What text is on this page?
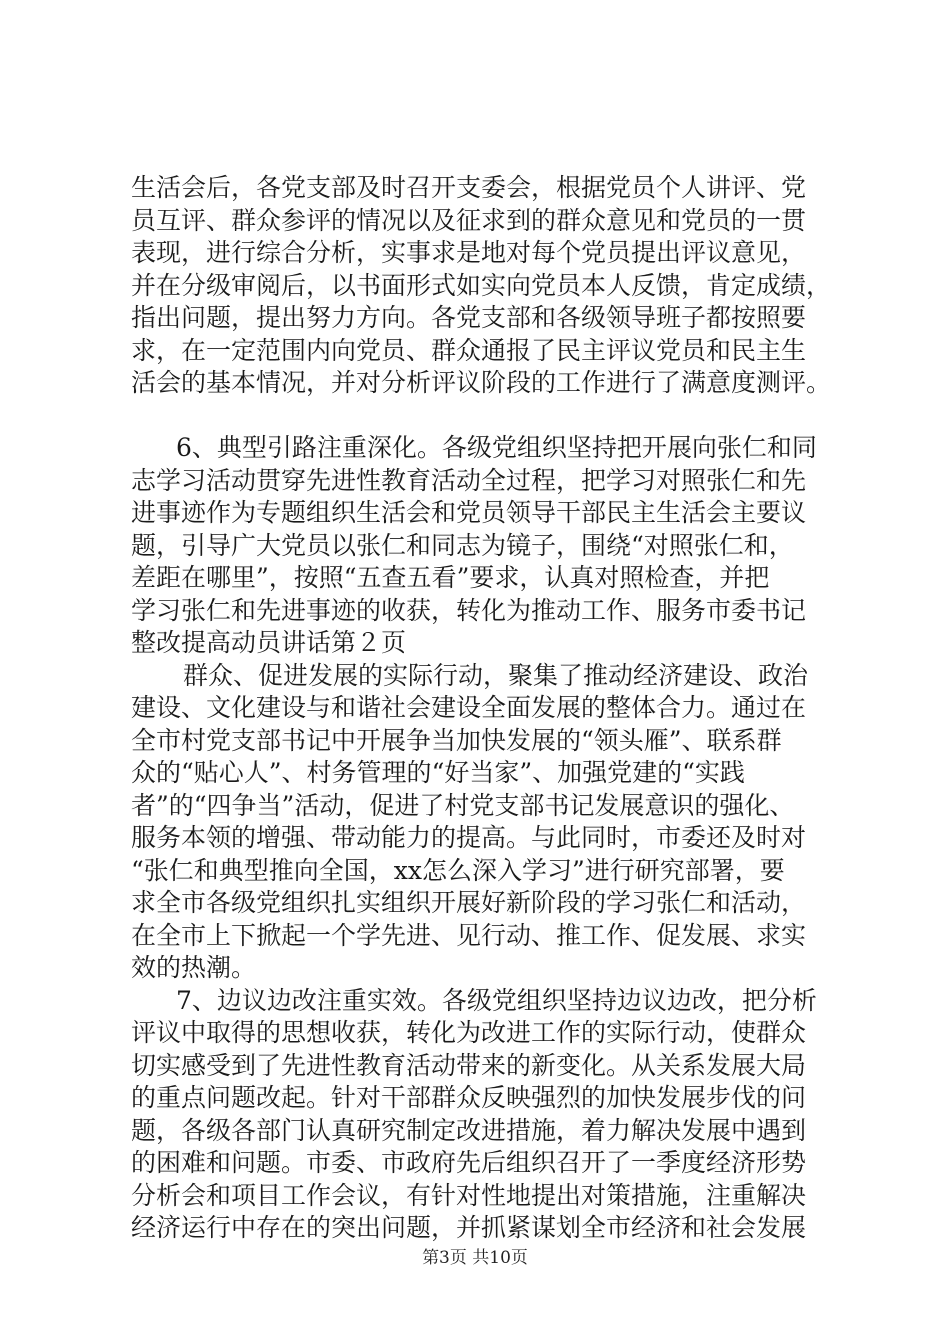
生活会后，各党支部及时召开支委会，根据党员个人讲评、党
员互评、群众参评的情况以及征求到的群众意见和党员的一贯
表现，进行综合分析，实事求是地对每个党员提出评议意见，
并在分级审阅后，以书面形式如实向党员本人反馈，肯定成绩，
指出问题，提出努力方向。各党支部和各级领导班子都按照要
求，在一定范围内向党员、群众通报了民主评议党员和民主生
活会的基本情况，并对分析评议阶段的工作进行了满意度测评。
6、典型引路注重深化。各级党组织坚持把开展向张仁和同
志学习活动贯穿先进性教育活动全过程，把学习对照张仁和先
进事迹作为专题组织生活会和党员领导干部民主生活会主要议
题，引导广大党员以张仁和同志为镜子，围绕“对照张仁和，
差距在哪里”，按照“五查五看”要求，认真对照检查，并把
学习张仁和先进事迹的收获，转化为推动工作、服务市委书记
整改提高动员讲话第２页
群众、促进发展的实际行动，聚集了推动经济建设、政治
建设、文化建设与和谐社会建设全面发展的整体合力。通过在
全市村党支部书记中开展争当加快发展的“领头雁”、联系群
众的“贴心人”、村务管理的“好当家”、加强党建的“实践
者”的“四争当”活动，促进了村党支部书记发展意识的强化、
服务本领的增强、带动能力的提高。与此同时，市委还及时对
“张仁和典型推向全国，xx怎么深入学习”进行研究部署，要
求全市各级党组织扎实组织开展好新阶段的学习张仁和活动，
在全市上下掀起一个学先进、见行动、推工作、促发展、求实
效的热潮。
7、边议边改注重实效。各级党组织坚持边议边改，把分析
评议中取得的思想收获，转化为改进工作的实际行动，使群众
切实感受到了先进性教育活动带来的新变化。从关系发展大局
的重点问题改起。针对干部群众反映强烈的加快发展步伐的问
题，各级各部门认真研究制定改进措施，着力解决发展中遇到
的困难和问题。市委、市政府先后组织召开了一季度经济形势
分析会和项目工作会议，有针对性地提出对策措施，注重解决
经济运行中存在的突出问题，并抓紧谋划全市经济和社会发展
第3页 共10页
